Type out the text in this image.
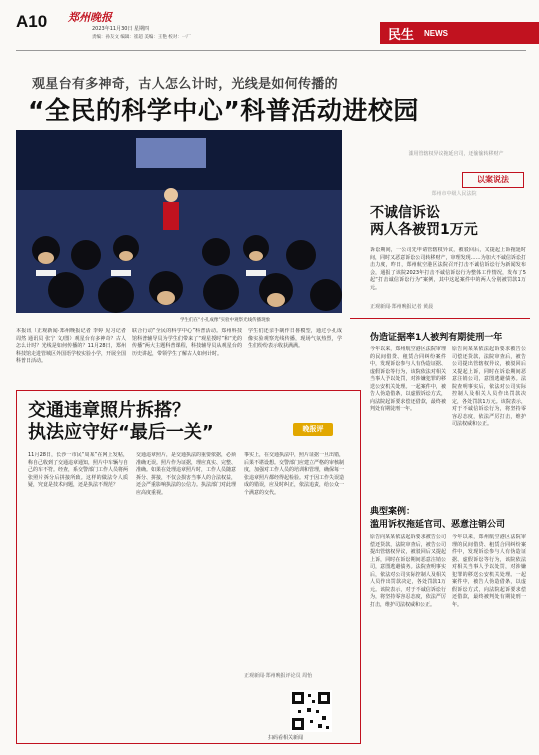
A10 郑州晚报
2023年11月30日 星期四
责编：孙友文 编辑：崔超 美编：王艳 校对：一厂	民生 NEWS
观星台有多神奇，古人怎么计时，光线是如何传播的
“全民的科学中心”科普活动进校园
学生们在“小孔成像”实验中观察光线传播现象
本报讯（正观新闻·郑州晚报记者 李婷 见习记者 周然 通讯员 张宁 文/图）观星台有多神奇？古人怎么计时？光线是如何传播的？11月28日，郑州科技馆走进管城区外国语学校实验小学，开展全国科普日活动。
联合行动“全民的科学中心”科普活动。郑州科技馆科普辅导员为学生们带来了“观星授时”和“光的传播”两大主题科普课程，科技辅导员从观星台的历史讲起，带领学生了解古人如何计时。
学生们还亲手制作日晷模型，通过小孔成像实验观察光线传播，现场气氛热烈，学生们纷纷表示收获满满。
滥用管辖权异议拖延官司，还偷偷转移财产
以案说法
郑州市中级人民法院
不诚信诉讼
两人各被罚1万元
诉讼期间，一公司先申请管辖权异议，被驳回后，又提起上诉拖延时间，同时又恶意诉讼公司转移财产，审理发现……为加大不诚信诉讼打击力度，昨日，郑州航空港区法院召开打击不诚信诉讼行为新闻发布会，通报了该院2023年打击不诚信诉讼行为整体工作情况，发布了5起“打击诚信诉讼行为”案例，其中这起案件中的两人分别被罚款1万元。
正观新闻·郑州晚报记者 黄晨
伪造证据率1人被判有期徒刑一年
今年以来，郑州航空港区法院审理的民间借贷、租赁合同纠纷案件中，发现诉讼参与人有伪造证据、虚假诉讼等行为，该院依法对相关当事人予以处罚，对涉嫌犯罪的移送公安机关处理。一起案件中，被告人伪造借条，以虚假诉讼方式，向法院起诉要求偿还借款，最终被判处有期徒刑一年。
原告向某某依法起诉要求被告公司偿还货款，法院审查后，被告公司提出管辖权异议，被驳回后又提起上诉，同时在诉讼期间恶意注销公司，意图逃避债务。法院查明事实后，依法对公司实际控制人及相关人员作出罚款决定，各处罚款1万元。该院表示，对于不诚信诉讼行为，将坚持零容忍态度，依法严厉打击，维护司法权威和公正。
典型案例：
滥用诉权拖延官司、恶意注销公司
原告向某某依法起诉要求被告公司偿还货款，法院审查后，被告公司提出管辖权异议，被驳回后又提起上诉，同时在诉讼期间恶意注销公司，意图逃避债务。法院查明事实后，依法对公司实际控制人及相关人员作出罚款决定，各处罚款1万元。该院表示，对于不诚信诉讼行为，将坚持零容忍态度，依法严厉打击，维护司法权威和公正。
今年以来，郑州航空港区法院审理的民间借贷、租赁合同纠纷案件中，发现诉讼参与人有伪造证据、虚假诉讼等行为，该院依法对相关当事人予以处罚，对涉嫌犯罪的移送公安机关处理。一起案件中，被告人伪造借条，以虚假诉讼方式，向法院起诉要求偿还借款，最终被判处有期徒刑一年。
交通违章照片拆搭？
执法应守好“最后一关”	晚报评
11月28日，长沙一市民“周某”在网上发帖，称自己收到了交通违章通知，照片中车辆与自己的车不符。经查，系交警部门工作人员将两张照片拆分后拼接所致。这样的做法令人质疑，究竟是技术问题，还是执法不规范？
交通违章照片，是交通执法的重要依据，必须准确无误。照片作为证据，理应真实、完整、准确。如果在处理违章照片时，工作人员随意拆分、拼接，不仅会损害当事人的合法权益，还会严重影响执法的公信力。执法部门对此理应高度重视。
事实上，在交通执法中，照片证据一旦出错，后果不堪设想。交警部门应建立严格的审核制度，加强对工作人员的培训和管理，确保每一张违章照片都经得起检验。对于因工作失误造成的错误，应及时纠正，依法追责，给公众一个满意的交代。
正观新闻·郑州晚报评论员 周怡
扫码看相关新闻
